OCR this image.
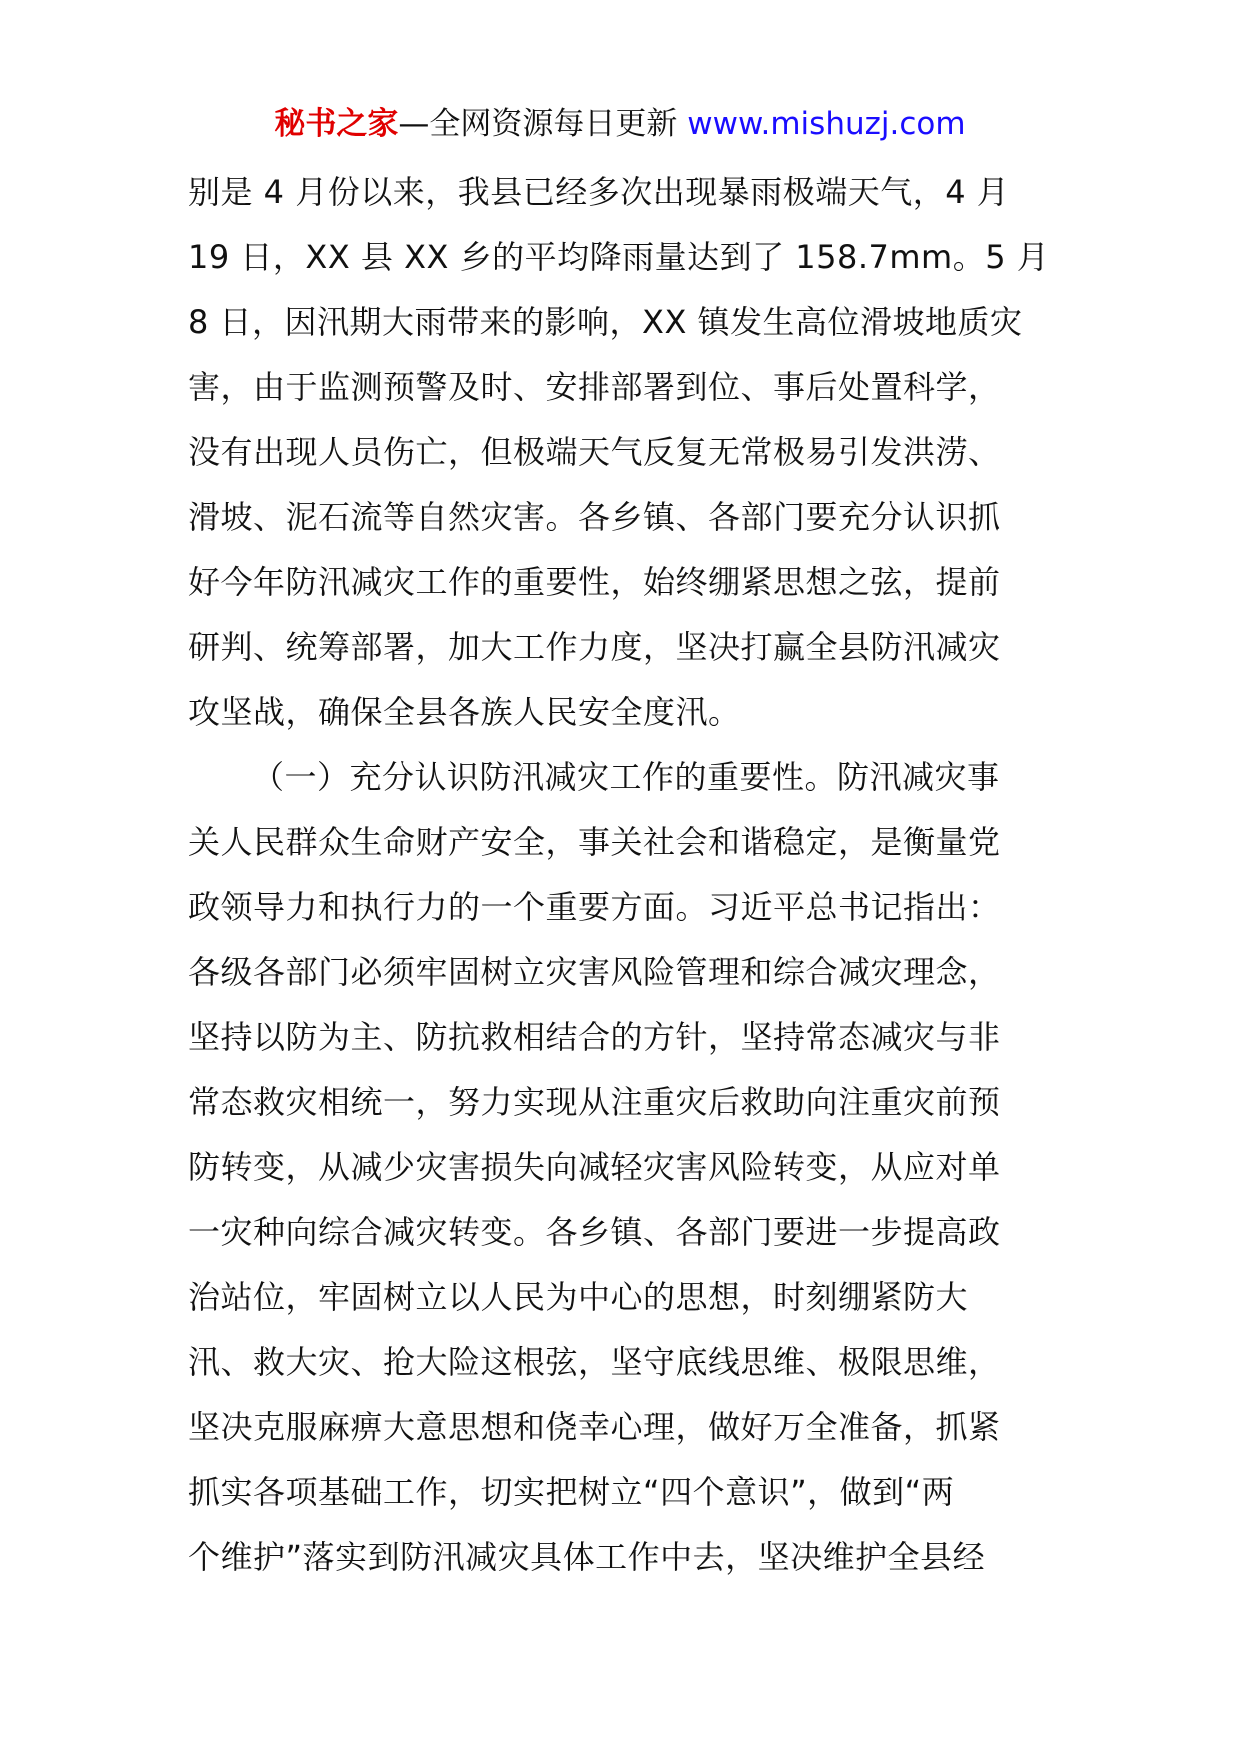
秘书之家—全网资源每日更新 www.mishuzj.com
别是 4 月份以来，我县已经多次出现暴雨极端天气，4 月
19 日，XX 县 XX 乡的平均降雨量达到了 158.7mm。5 月
8 日，因汛期大雨带来的影响，XX 镇发生高位滑坡地质灾
害，由于监测预警及时、安排部署到位、事后处置科学，
没有出现人员伤亡，但极端天气反复无常极易引发洪涝、
滑坡、泥石流等自然灾害。各乡镇、各部门要充分认识抓
好今年防汛减灾工作的重要性，始终绷紧思想之弦，提前
研判、统筹部署，加大工作力度，坚决打赢全县防汛减灾
攻坚战，确保全县各族人民安全度汛。
（一）充分认识防汛减灾工作的重要性。防汛减灾事
关人民群众生命财产安全，事关社会和谐稳定，是衡量党
政领导力和执行力的一个重要方面。习近平总书记指出：
各级各部门必须牢固树立灾害风险管理和综合减灾理念，
坚持以防为主、防抗救相结合的方针，坚持常态减灾与非
常态救灾相统一，努力实现从注重灾后救助向注重灾前预
防转变，从减少灾害损失向减轻灾害风险转变，从应对单
一灾种向综合减灾转变。各乡镇、各部门要进一步提高政
治站位，牢固树立以人民为中心的思想，时刻绷紧防大
汛、救大灾、抢大险这根弦，坚守底线思维、极限思维，
坚决克服麻痹大意思想和侥幸心理，做好万全准备，抓紧
抓实各项基础工作，切实把树立“四个意识”，做到“两
个维护”落实到防汛减灾具体工作中去，坚决维护全县经
